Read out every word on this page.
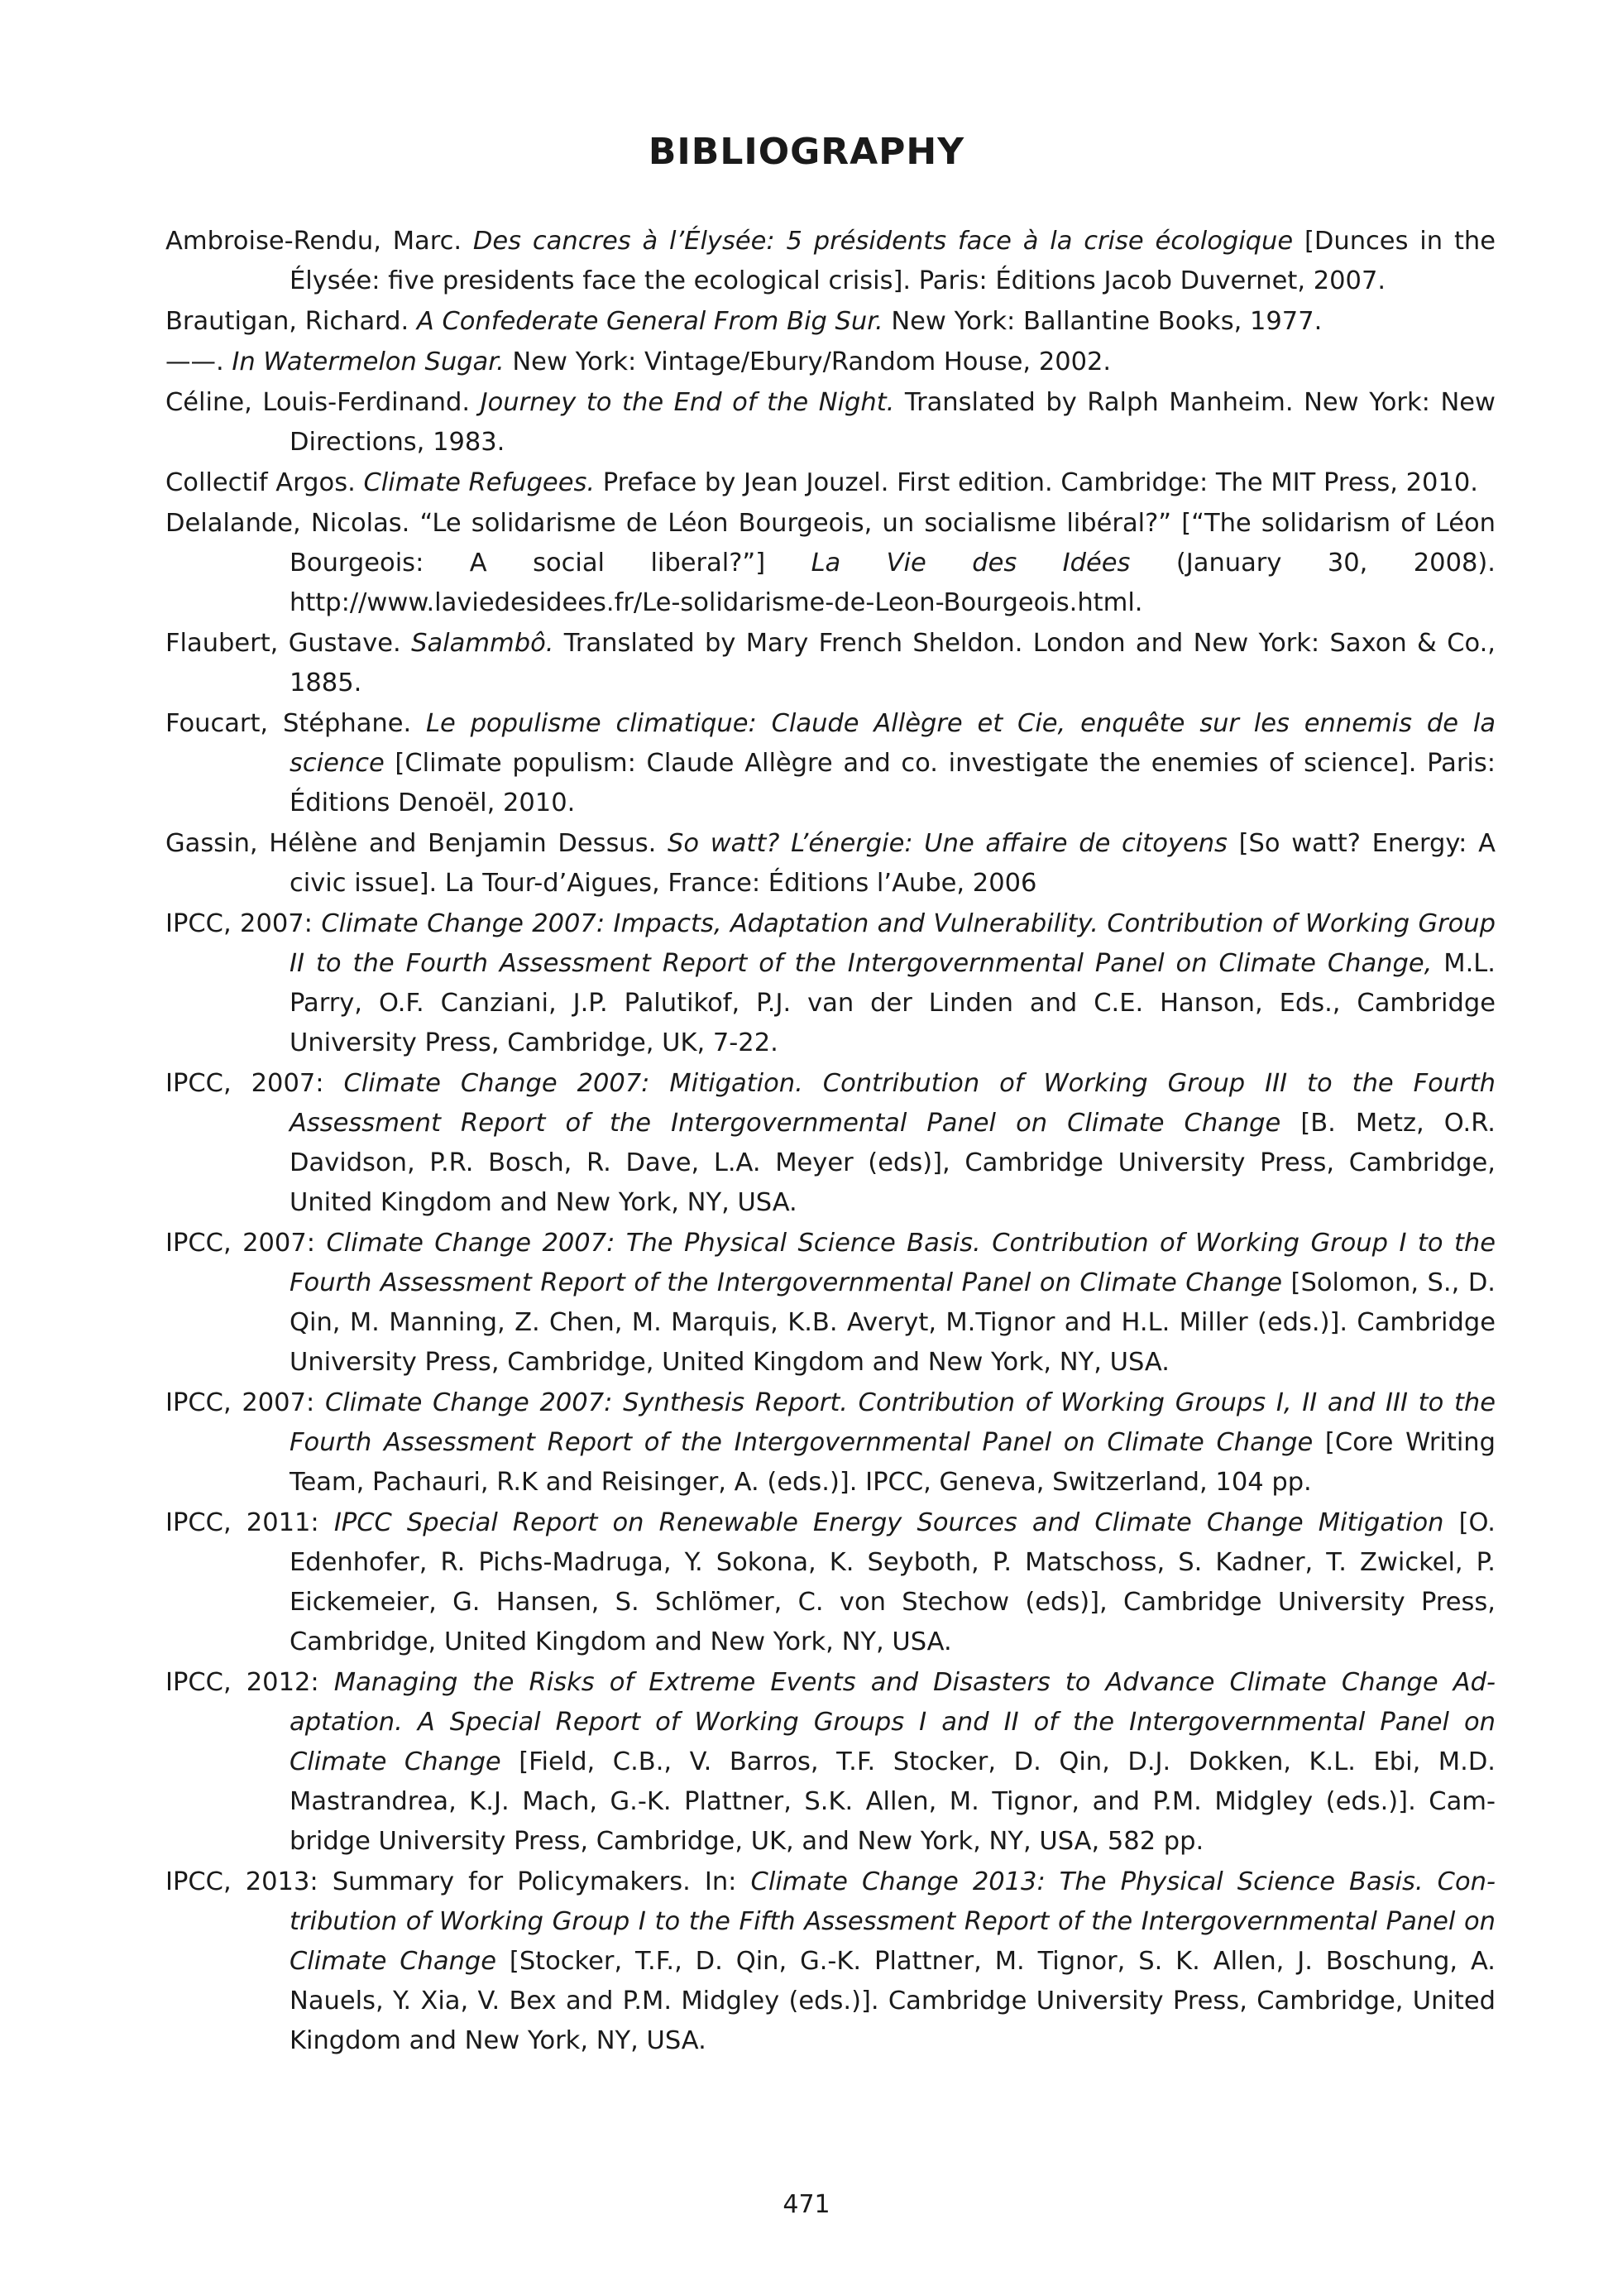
BIBLIOGRAPHY
Ambroise-Rendu, Marc. Des cancres à l’Élysée: 5 présidents face à la crise écologique [Dunces in the Élysée: five presidents face the ecological crisis]. Paris: Éditions Jacob Duvernet, 2007.
Brautigan, Richard. A Confederate General From Big Sur. New York: Ballantine Books, 1977.
——. In Watermelon Sugar. New York: Vintage/Ebury/Random House, 2002.
Céline, Louis-Ferdinand. Journey to the End of the Night. Translated by Ralph Manheim. New York: New Directions, 1983.
Collectif Argos. Climate Refugees. Preface by Jean Jouzel. First edition. Cambridge: The MIT Press, 2010.
Delalande, Nicolas. “Le solidarisme de Léon Bourgeois, un socialisme libéral?” [“The solidarism of Léon Bourgeois: A social liberal?”] La Vie des Idées (January 30, 2008). http://www.laviedesidees.fr/Le-solidarisme-de-Leon-Bourgeois.html.
Flaubert, Gustave. Salammbô. Translated by Mary French Sheldon. London and New York: Saxon & Co., 1885.
Foucart, Stéphane. Le populisme climatique: Claude Allègre et Cie, enquête sur les ennemis de la science [Climate populism: Claude Allègre and co. investigate the enemies of science]. Paris: Éditions Denoël, 2010.
Gassin, Hélène and Benjamin Dessus. So watt? L’énergie: Une affaire de citoyens [So watt? Energy: A civic issue]. La Tour-d’Aigues, France: Éditions l’Aube, 2006
IPCC, 2007: Climate Change 2007: Impacts, Adaptation and Vulnerability. Contribution of Working Group II to the Fourth Assessment Report of the Intergovernmental Panel on Climate Change, M.L. Parry, O.F. Canziani, J.P. Palutikof, P.J. van der Linden and C.E. Hanson, Eds., Cambridge University Press, Cambridge, UK, 7-22.
IPCC, 2007: Climate Change 2007: Mitigation. Contribution of Working Group III to the Fourth Assessment Report of the Intergovernmental Panel on Climate Change [B. Metz, O.R. Davidson, P.R. Bosch, R. Dave, L.A. Meyer (eds)], Cambridge University Press, Cambridge, United Kingdom and New York, NY, USA.
IPCC, 2007: Climate Change 2007: The Physical Science Basis. Contribution of Working Group I to the Fourth Assessment Report of the Intergovernmental Panel on Climate Change [Solomon, S., D. Qin, M. Manning, Z. Chen, M. Marquis, K.B. Averyt, M.Tignor and H.L. Miller (eds.)]. Cambridge University Press, Cambridge, United Kingdom and New York, NY, USA.
IPCC, 2007: Climate Change 2007: Synthesis Report. Contribution of Working Groups I, II and III to the Fourth Assessment Report of the Intergovernmental Panel on Climate Change [Core Writing Team, Pachauri, R.K and Reisinger, A. (eds.)]. IPCC, Geneva, Switzerland, 104 pp.
IPCC, 2011: IPCC Special Report on Renewable Energy Sources and Climate Change Mitigation [O. Edenhofer, R. Pichs-Madruga, Y. Sokona, K. Seyboth, P. Matschoss, S. Kadner, T. Zwickel, P. Eickemeier, G. Hansen, S. Schlömer, C. von Stechow (eds)], Cambridge University Press, Cambridge, United Kingdom and New York, NY, USA.
IPCC, 2012: Managing the Risks of Extreme Events and Disasters to Advance Climate Change Adaptation. A Special Report of Working Groups I and II of the Intergovernmental Panel on Climate Change [Field, C.B., V. Barros, T.F. Stocker, D. Qin, D.J. Dokken, K.L. Ebi, M.D. Mastrandrea, K.J. Mach, G.-K. Plattner, S.K. Allen, M. Tignor, and P.M. Midgley (eds.)]. Cambridge University Press, Cambridge, UK, and New York, NY, USA, 582 pp.
IPCC, 2013: Summary for Policymakers. In: Climate Change 2013: The Physical Science Basis. Contribution of Working Group I to the Fifth Assessment Report of the Intergovernmental Panel on Climate Change [Stocker, T.F., D. Qin, G.-K. Plattner, M. Tignor, S. K. Allen, J. Boschung, A. Nauels, Y. Xia, V. Bex and P.M. Midgley (eds.)]. Cambridge University Press, Cambridge, United Kingdom and New York, NY, USA.
471
